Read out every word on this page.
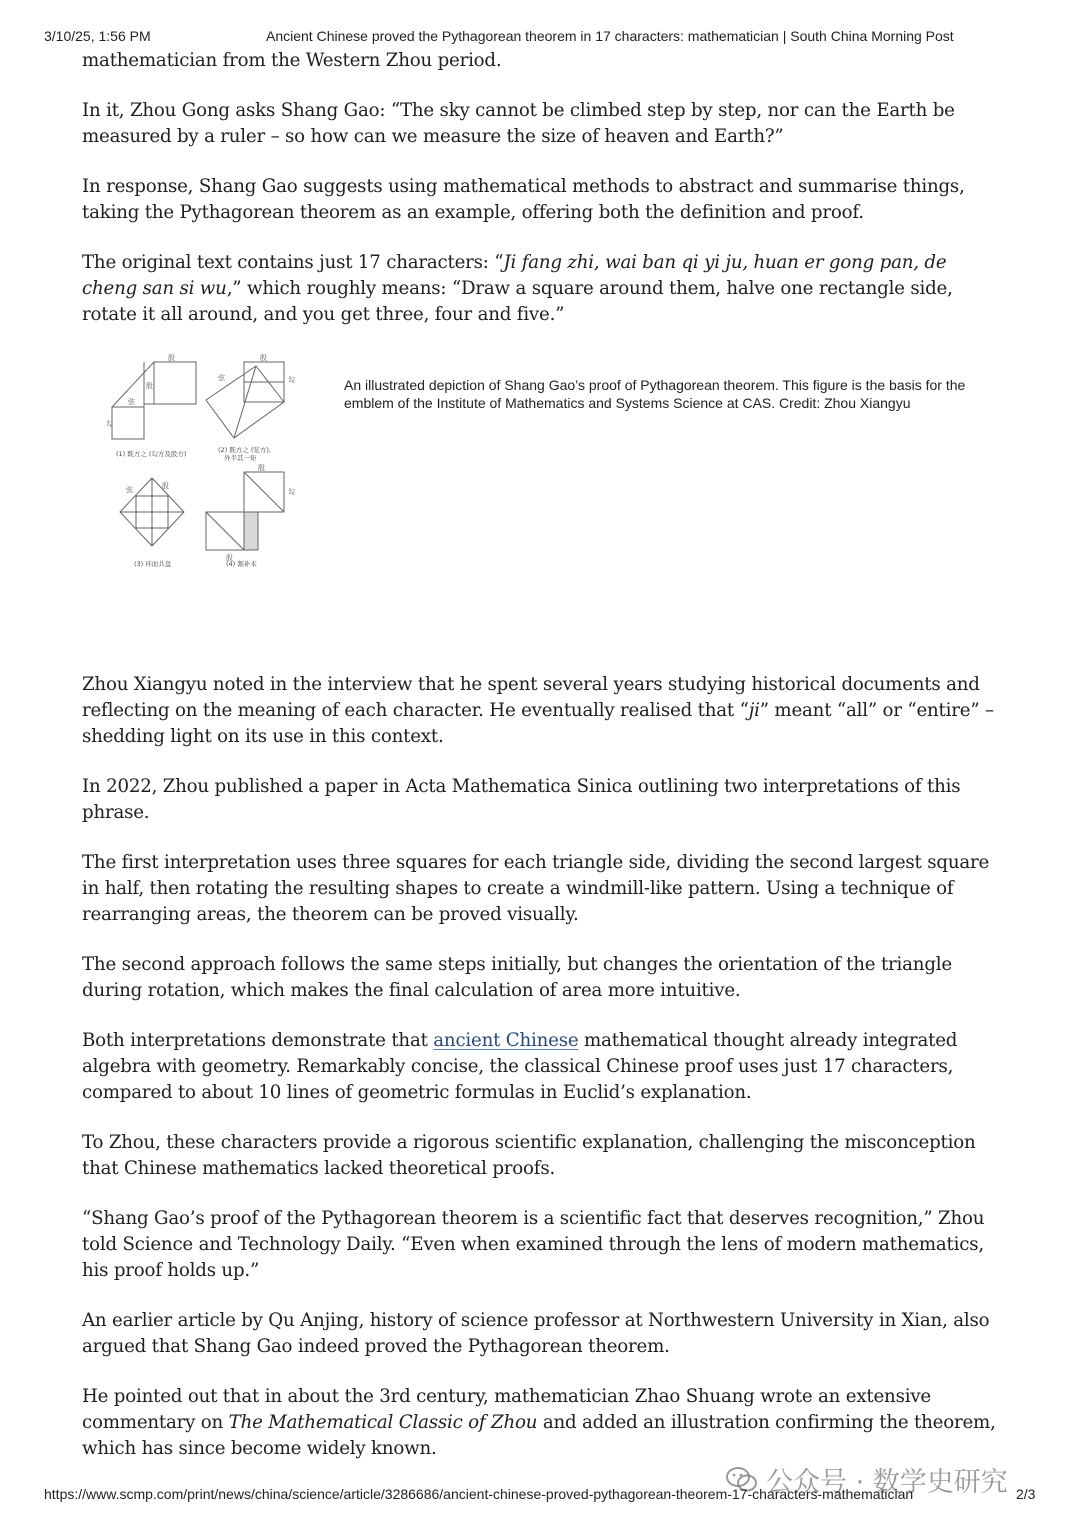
3/10/25, 1:56 PM	Ancient Chinese proved the Pythagorean theorem in 17 characters: mathematician | South China Morning Post

mathematician from the Western Zhou period.

In it, Zhou Gong asks Shang Gao: “The sky cannot be climbed step by step, nor can the Earth be measured by a ruler – so how can we measure the size of heaven and Earth?”

In response, Shang Gao suggests using mathematical methods to abstract and summarise things, taking the Pythagorean theorem as an example, offering both the definition and proof.

The original text contains just 17 characters: “Ji fang zhi, wai ban qi yi ju, huan er gong pan, de cheng san si wu,” which roughly means: “Draw a square around them, halve one rectangle side, rotate it all around, and you get three, four and five.”

股
弦
股
勾
股
弦	勾
弦	股
股
勾
股
(1) 既方之 (勾方及股方)	(2) 既方之 (弦方),
外半其一矩
(3) 环而共盘	(4) 割补术
An illustrated depiction of Shang Gao’s proof of Pythagorean theorem. This figure is the basis for the emblem of the Institute of Mathematics and Systems Science at CAS. Credit: Zhou Xiangyu

Zhou Xiangyu noted in the interview that he spent several years studying historical documents and reflecting on the meaning of each character. He eventually realised that “ji” meant “all” or “entire” – shedding light on its use in this context.

In 2022, Zhou published a paper in Acta Mathematica Sinica outlining two interpretations of this phrase.

The first interpretation uses three squares for each triangle side, dividing the second largest square in half, then rotating the resulting shapes to create a windmill-like pattern. Using a technique of rearranging areas, the theorem can be proved visually.

The second approach follows the same steps initially, but changes the orientation of the triangle during rotation, which makes the final calculation of area more intuitive.

Both interpretations demonstrate that ancient Chinese mathematical thought already integrated algebra with geometry. Remarkably concise, the classical Chinese proof uses just 17 characters, compared to about 10 lines of geometric formulas in Euclid’s explanation.

To Zhou, these characters provide a rigorous scientific explanation, challenging the misconception that Chinese mathematics lacked theoretical proofs.

“Shang Gao’s proof of the Pythagorean theorem is a scientific fact that deserves recognition,” Zhou told Science and Technology Daily. “Even when examined through the lens of modern mathematics, his proof holds up.”

An earlier article by Qu Anjing, history of science professor at Northwestern University in Xian, also argued that Shang Gao indeed proved the Pythagorean theorem.

He pointed out that in about the 3rd century, mathematician Zhao Shuang wrote an extensive commentary on The Mathematical Classic of Zhou and added an illustration confirming the theorem, which has since become widely known.

公众号 · 数学史研究
https://www.scmp.com/print/news/china/science/article/3286686/ancient-chinese-proved-pythagorean-theorem-17-characters-mathematician	2/3
